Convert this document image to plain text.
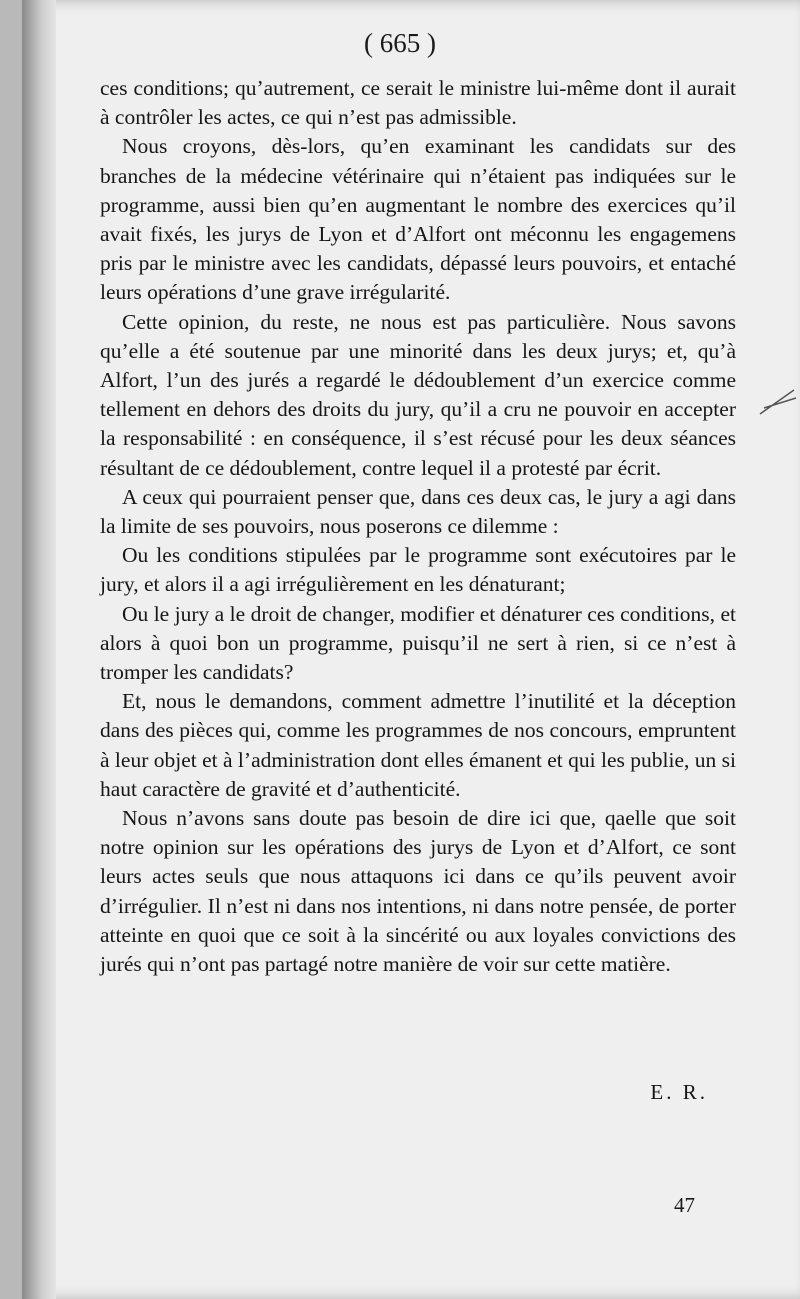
( 665 )

ces conditions; qu’autrement, ce serait le ministre lui-même dont il aurait à contrôler les actes, ce qui n’est pas admissible.

Nous croyons, dès-lors, qu’en examinant les candidats sur des branches de la médecine vétérinaire qui n’étaient pas indiquées sur le programme, aussi bien qu’en augmentant le nombre des exercices qu’il avait fixés, les jurys de Lyon et d’Alfort ont méconnu les engagemens pris par le ministre avec les candidats, dépassé leurs pouvoirs, et entaché leurs opérations d’une grave irrégularité.

Cette opinion, du reste, ne nous est pas particulière. Nous savons qu’elle a été soutenue par une minorité dans les deux jurys; et, qu’à Alfort, l’un des jurés a regardé le dédoublement d’un exercice comme tellement en dehors des droits du jury, qu’il a cru ne pouvoir en accepter la responsabilité : en conséquence, il s’est récusé pour les deux séances résultant de ce dédoublement, contre lequel il a protesté par écrit.

A ceux qui pourraient penser que, dans ces deux cas, le jury a agi dans la limite de ses pouvoirs, nous poserons ce dilemme :

Ou les conditions stipulées par le programme sont exécutoires par le jury, et alors il a agi irrégulièrement en les dénaturant;

Ou le jury a le droit de changer, modifier et dénaturer ces conditions, et alors à quoi bon un programme, puisqu’il ne sert à rien, si ce n’est à tromper les candidats?

Et, nous le demandons, comment admettre l’inutilité et la déception dans des pièces qui, comme les programmes de nos concours, empruntent à leur objet et à l’administration dont elles émanent et qui les publie, un si haut caractère de gravité et d’authenticité.

Nous n’avons sans doute pas besoin de dire ici que, qaelle que soit notre opinion sur les opérations des jurys de Lyon et d’Alfort, ce sont leurs actes seuls que nous attaquons ici dans ce qu’ils peuvent avoir d’irrégulier. Il n’est ni dans nos intentions, ni dans notre pensée, de porter atteinte en quoi que ce soit à la sincérité ou aux loyales convictions des jurés qui n’ont pas partagé notre manière de voir sur cette matière.

E. R.
47
